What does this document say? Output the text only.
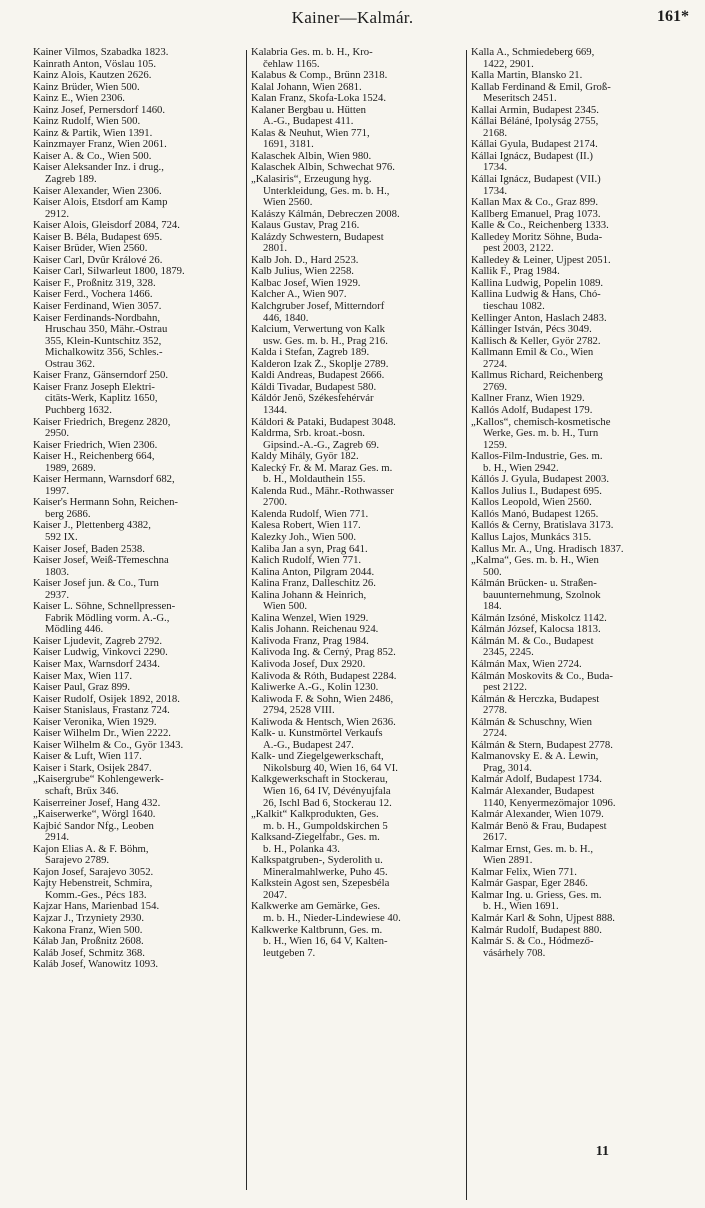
Kainer—Kalmár.	161*
Kainer Vilmos, Szabadka 1823.
Kainrath Anton, Vöslau 105.
Kainz Alois, Kautzen 2626.
Kainz Brüder, Wien 500.
Kainz E., Wien 2306.
Kainz Josef, Pernersdorf 1460.
Kainz Rudolf, Wien 500.
Kainz & Partik, Wien 1391.
Kainzmayer Franz, Wien 2061.
Kaiser A. & Co., Wien 500.
Kaiser Aleksander Inz. i drug.,
Zagreb 189.
Kaiser Alexander, Wien 2306.
Kaiser Alois, Etsdorf am Kamp
2912.
Kaiser Alois, Gleisdorf 2084, 724.
Kaiser B. Béla, Budapest 695.
Kaiser Brüder, Wien 2560.
Kaiser Carl, Dvûr Králové 26.
Kaiser Carl, Silwarleut 1800, 1879.
Kaiser F., Proßnitz 319, 328.
Kaiser Ferd., Vochera 1466.
Kaiser Ferdinand, Wien 3057.
Kaiser Ferdinands-Nordbahn,
Hruschau 350, Mähr.-Ostrau
355, Klein-Kuntschitz 352,
Michalkowitz 356, Schles.-
Ostrau 362.
Kaiser Franz, Gänserndorf 250.
Kaiser Franz Joseph Elektri-
citäts-Werk, Kaplitz 1650,
Puchberg 1632.
Kaiser Friedrich, Bregenz 2820,
2950.
Kaiser Friedrich, Wien 2306.
Kaiser H., Reichenberg 664,
1989, 2689.
Kaiser Hermann, Warnsdorf 682,
1997.
Kaiser's Hermann Sohn, Reichen-
berg 2686.
Kaiser J., Plettenberg 4382,
592 IX.
Kaiser Josef, Baden 2538.
Kaiser Josef, Weiß-Třemeschna
1803.
Kaiser Josef jun. & Co., Turn
2937.
Kaiser L. Söhne, Schnellpressen-
Fabrik Mödling vorm. A.-G.,
Mödling 446.
Kaiser Ljudevit, Zagreb 2792.
Kaiser Ludwig, Vinkovci 2290.
Kaiser Max, Warnsdorf 2434.
Kaiser Max, Wien 117.
Kaiser Paul, Graz 899.
Kaiser Rudolf, Osijek 1892, 2018.
Kaiser Stanislaus, Frastanz 724.
Kaiser Veronika, Wien 1929.
Kaiser Wilhelm Dr., Wien 2222.
Kaiser Wilhelm & Co., Györ 1343.
Kaiser & Luft, Wien 117.
Kaiser i Stark, Osijek 2847.
„Kaisergrube“ Kohlengewerk-
schaft, Brüx 346.
Kaiserreiner Josef, Hang 432.
„Kaiserwerke“, Wörgl 1640.
Kajbić Sandor Nfg., Leoben
2914.
Kajon Elias A. & F. Böhm,
Sarajevo 2789.
Kajon Josef, Sarajevo 3052.
Kajty Hebenstreit, Schmira,
Komm.-Ges., Pécs 183.
Kajzar Hans, Marienbad 154.
Kajzar J., Trzyniety 2930.
Kakona Franz, Wien 500.
Kálab Jan, Proßnitz 2608.
Kaláb Josef, Schmitz 368.
Kaláb Josef, Wanowitz 1093.
Kalabria Ges. m. b. H., Kro-
čehlaw 1165.
Kalabus & Comp., Brünn 2318.
Kalal Johann, Wien 2681.
Kalan Franz, Skofa-Loka 1524.
Kalaner Bergbau u. Hütten
A.-G., Budapest 411.
Kalas & Neuhut, Wien 771,
1691, 3181.
Kalaschek Albin, Wien 980.
Kalaschek Albin, Schwechat 976.
„Kalasiris“, Erzeugung hyg.
Unterkleidung, Ges. m. b. H.,
Wien 2560.
Kalászy Kálmán, Debreczen 2008.
Kalaus Gustav, Prag 216.
Kalázdy Schwestern, Budapest
2801.
Kalb Joh. D., Hard 2523.
Kalb Julius, Wien 2258.
Kalbac Josef, Wien 1929.
Kalcher A., Wien 907.
Kalchgruber Josef, Mitterndorf
446, 1840.
Kalcium, Verwertung von Kalk
usw. Ges. m. b. H., Prag 216.
Kalda i Stefan, Zagreb 189.
Kalderon Izak Ž., Skoplje 2789.
Kaldi Andreas, Budapest 2666.
Káldi Tivadar, Budapest 580.
Káldór Jenö, Székesfehérvár
1344.
Káldori & Pataki, Budapest 3048.
Kaldrma, Srb. kroat.-bosn.
Gipsind.-A.-G., Zagreb 69.
Kaldy Mihály, Györ 182.
Kalecký Fr. & M. Maraz Ges. m.
b. H., Moldauthein 155.
Kalenda Rud., Mähr.-Rothwasser
2700.
Kalenda Rudolf, Wien 771.
Kalesa Robert, Wien 117.
Kalezky Joh., Wien 500.
Kaliba Jan a syn, Prag 641.
Kalich Rudolf, Wien 771.
Kalina Anton, Pilgram 2044.
Kalina Franz, Dalleschitz 26.
Kalina Johann & Heinrich,
Wien 500.
Kalina Wenzel, Wien 1929.
Kalis Johann. Reichenau 924.
Kalivoda Franz, Prag 1984.
Kalivoda Ing. & Černý, Prag 852.
Kalivoda Josef, Dux 2920.
Kalivoda & Róth, Budapest 2284.
Kaliwerke A.-G., Kolin 1230.
Kaliwoda F. & Sohn, Wien 2486,
2794, 2528 VIII.
Kaliwoda & Hentsch, Wien 2636.
Kalk- u. Kunstmörtel Verkaufs
A.-G., Budapest 247.
Kalk- und Ziegelgewerkschaft,
Nikolsburg 40, Wien 16, 64 VI.
Kalkgewerkschaft in Stockerau,
Wien 16, 64 IV, Dévényujfala
26, Ischl Bad 6, Stockerau 12.
„Kalkit“ Kalkprodukten, Ges.
m. b. H., Gumpoldskirchen 5
Kalksand-Ziegelfabr., Ges. m.
b. H., Polanka 43.
Kalkspatgruben-, Syderolith u.
Mineralmahlwerke, Puho 45.
Kalkstein Agost sen, Szepesbéla
2047.
Kalkwerke am Gemärke, Ges.
m. b. H., Nieder-Lindewiese 40.
Kalkwerke Kaltbrunn, Ges. m.
b. H., Wien 16, 64 V, Kalten-
leutgeben 7.
Kalla A., Schmiedeberg 669,
1422, 2901.
Kalla Martin, Blansko 21.
Kallab Ferdinand & Emil, Groß-
Meseritsch 2451.
Kallai Armin, Budapest 2345.
Kállai Béláné, Ipolyság 2755,
2168.
Kállai Gyula, Budapest 2174.
Kállai Ignácz, Budapest (II.)
1734.
Kállai Ignácz, Budapest (VII.)
1734.
Kallan Max & Co., Graz 899.
Kallberg Emanuel, Prag 1073.
Kalle & Co., Reichenberg 1333.
Kalledey Moritz Söhne, Buda-
pest 2003, 2122.
Kalledey & Leiner, Ujpest 2051.
Kallik F., Prag 1984.
Kallina Ludwig, Popelin 1089.
Kallina Ludwig & Hans, Chó-
tieschau 1082.
Kellinger Anton, Haslach 2483.
Kállinger István, Pécs 3049.
Kallisch & Keller, Györ 2782.
Kallmann Emil & Co., Wien
2724.
Kallmus Richard, Reichenberg
2769.
Kallner Franz, Wien 1929.
Kallós Adolf, Budapest 179.
„Kallos“, chemisch-kosmetische
Werke, Ges. m. b. H., Turn
1259.
Kallos-Film-Industrie, Ges. m.
b. H., Wien 2942.
Kállós J. Gyula, Budapest 2003.
Kallos Julius I., Budapest 695.
Kallos Leopold, Wien 2560.
Kallós Manó, Budapest 1265.
Kallós & Černy, Bratislava 3173.
Kallus Lajos, Munkács 315.
Kallus Mr. A., Ung. Hradisch 1837.
„Kalma“, Ges. m. b. H., Wien
500.
Kálmán Brücken- u. Straßen-
bauunternehmung, Szolnok
184.
Kálmán Izsóné, Miskolcz 1142.
Kálmán József, Kalocsa 1813.
Kálmán M. & Co., Budapest
2345, 2245.
Kálmán Max, Wien 2724.
Kálmán Moskovits & Co., Buda-
pest 2122.
Kálmán & Herczka, Budapest
2778.
Kálmán & Schuschny, Wien
2724.
Kálmán & Stern, Budapest 2778.
Kalmanovsky E. & A. Lewin,
Prag, 3014.
Kalmár Adolf, Budapest 1734.
Kalmár Alexander, Budapest
1140, Kenyermezömajor 1096.
Kalmár Alexander, Wien 1079.
Kalmár Benö & Frau, Budapest
2617.
Kalmar Ernst, Ges. m. b. H.,
Wien 2891.
Kalmar Felix, Wien 771.
Kalmár Gaspar, Eger 2846.
Kalmar Ing. u. Griess, Ges. m.
b. H., Wien 1691.
Kalmár Karl & Sohn, Ujpest 888.
Kalmár Rudolf, Budapest 880.
Kalmár S. & Co., Hódmező-
vásárhely 708.
11
